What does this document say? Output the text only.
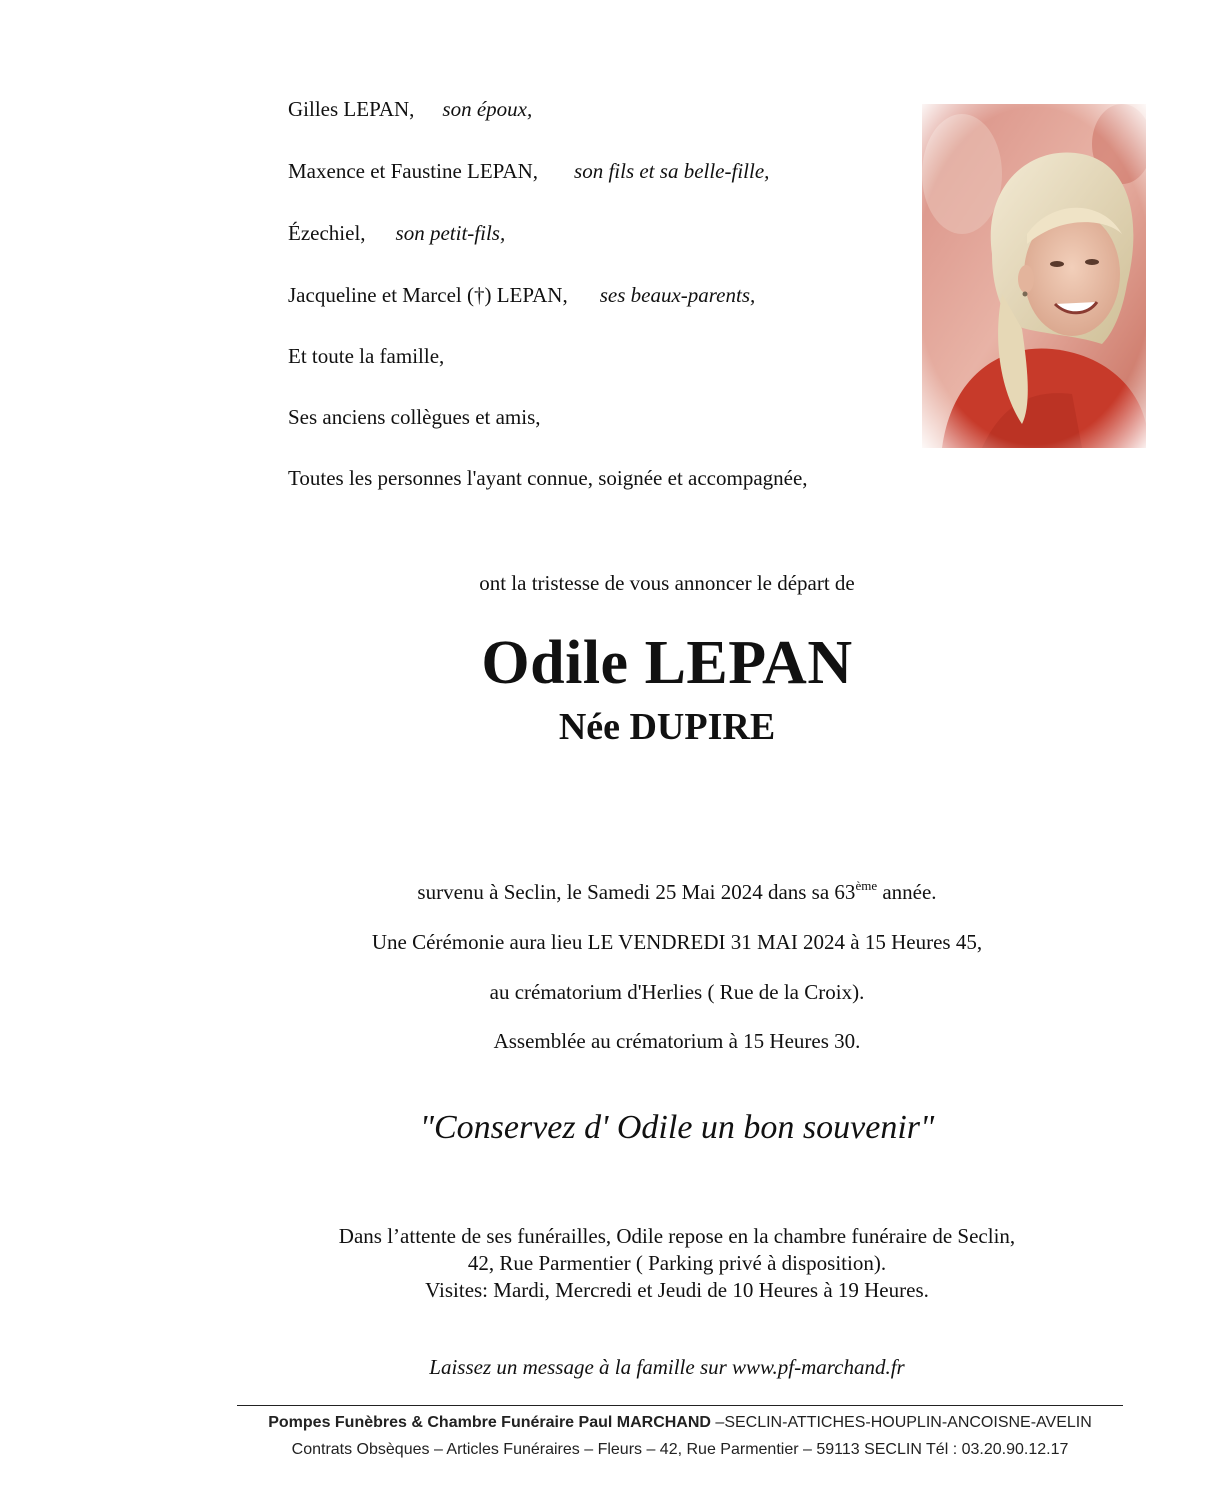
Gilles LEPAN, son époux,
Maxence et Faustine LEPAN, son fils et sa belle-fille,
Ézechiel, son petit-fils,
Jacqueline et Marcel (†) LEPAN, ses beaux-parents,
Et toute la famille,
Ses anciens collègues et amis,
Toutes les personnes l'ayant connue, soignée et accompagnée,
ont la tristesse de vous annoncer le départ de
Odile LEPAN
Née DUPIRE
survenu à Seclin, le Samedi 25 Mai 2024 dans sa 63ème année.
Une Cérémonie aura lieu LE VENDREDI 31 MAI 2024 à 15 Heures 45,
au crématorium d'Herlies ( Rue de la Croix).
Assemblée au crématorium à 15 Heures 30.
"Conservez d' Odile un bon souvenir"
Dans l’attente de ses funérailles, Odile repose en la chambre funéraire de Seclin,
42, Rue Parmentier ( Parking privé à disposition).
Visites: Mardi, Mercredi et Jeudi de 10 Heures à 19 Heures.
Laissez un message à la famille sur www.pf-marchand.fr
Pompes Funèbres & Chambre Funéraire Paul MARCHAND –SECLIN-ATTICHES-HOUPLIN-ANCOISNE-AVELIN
Contrats Obsèques – Articles Funéraires – Fleurs – 42, Rue Parmentier – 59113 SECLIN Tél : 03.20.90.12.17
